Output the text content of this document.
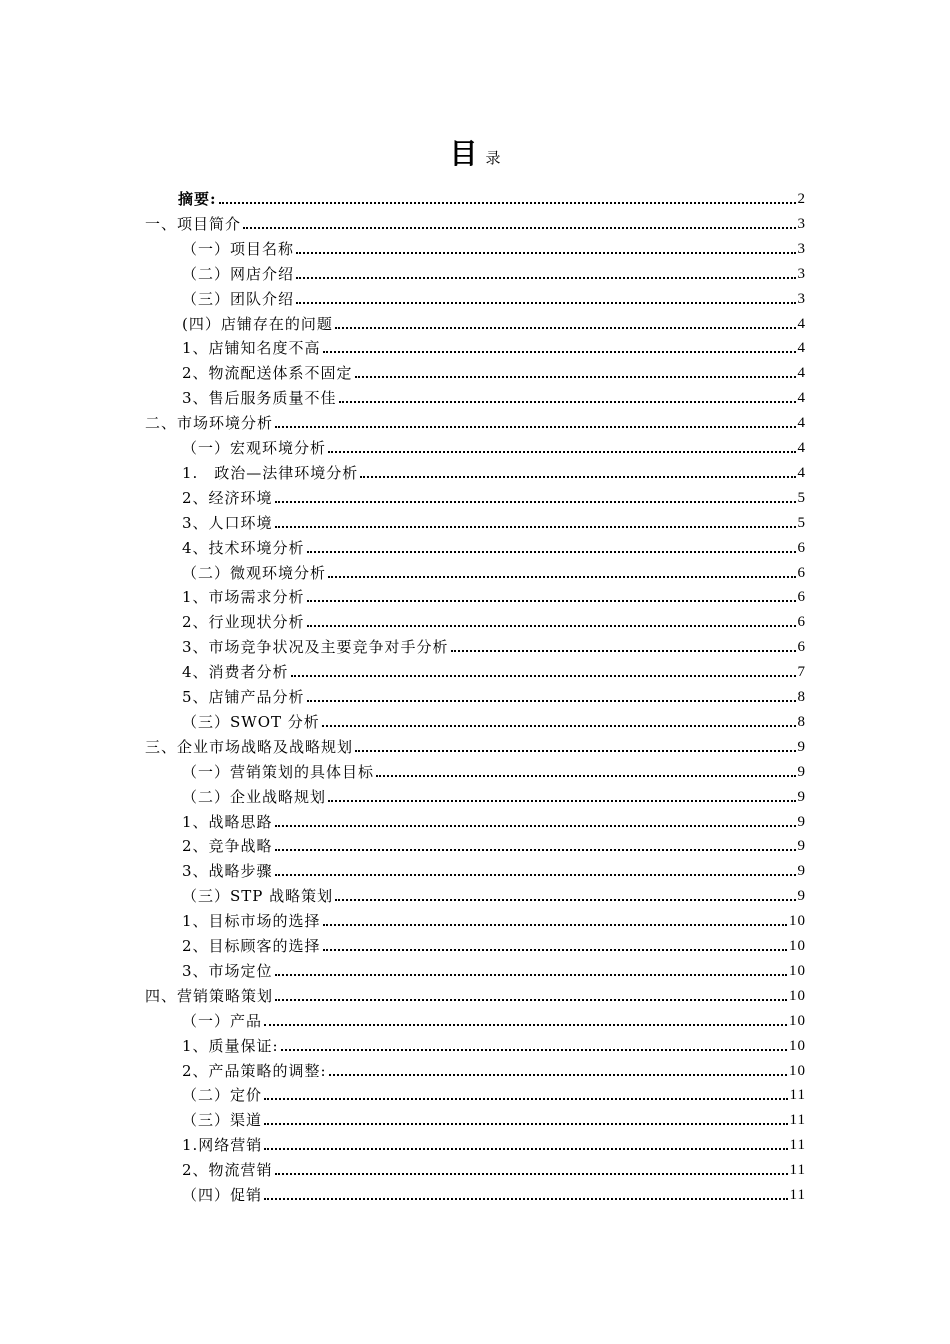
目录
摘要:	2
一、项目简介	3
（一）项目名称	3
（二）网店介绍	3
（三）团队介绍	3
(四）店铺存在的问题	4
1、店铺知名度不高	4
2、物流配送体系不固定	4
3、售后服务质量不佳	4
二、市场环境分析	4
（一）宏观环境分析	4
1.　政治—法律环境分析	4
2、经济环境	5
3、人口环境	5
4、技术环境分析	6
（二）微观环境分析	6
1、市场需求分析	6
2、行业现状分析	6
3、市场竞争状况及主要竞争对手分析	6
4、消费者分析	7
5、店铺产品分析	8
（三）SWOT 分析	8
三、企业市场战略及战略规划	9
（一）营销策划的具体目标	9
（二）企业战略规划	9
1、战略思路	9
2、竞争战略	9
3、战略步骤	9
（三）STP 战略策划	9
1、目标市场的选择	10
2、目标顾客的选择	10
3、市场定位	10
四、营销策略策划	10
（一）产品	10
1、质量保证:	10
2、产品策略的调整:	10
（二）定价	11
（三）渠道	11
1.网络营销	11
2、物流营销	11
（四）促销	11
